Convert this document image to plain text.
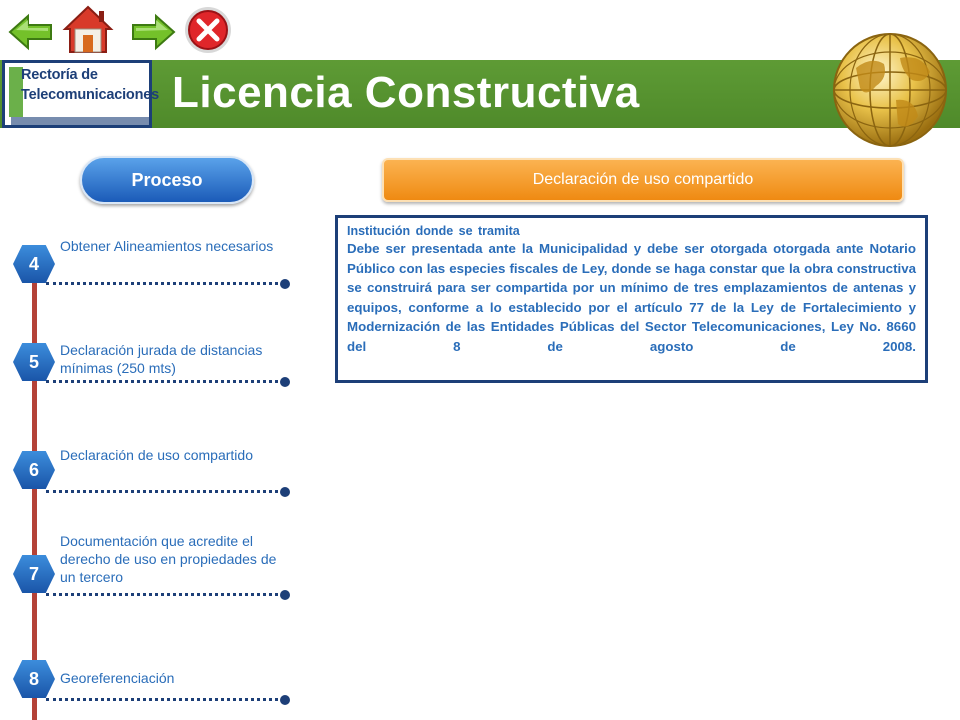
Rectoría de
Telecomunicaciones Licencia Constructiva
Proceso	Declaración de uso compartido
Institución donde se tramita
Debe ser presentada ante la Municipalidad y debe ser otorgada otorgada ante Notario Público con las especies fiscales de Ley, donde se haga constar que la obra constructiva se construirá para ser compartida por un mínimo de tres emplazamientos de antenas y equipos, conforme a lo establecido por el artículo 77 de la Ley de Fortalecimiento y Modernización de las Entidades Públicas del Sector Telecomunicaciones, Ley No. 8660 del 8 de agosto de 2008.
4
Obtener Alineamientos necesarios
5
Declaración jurada de distancias mínimas (250 mts)
6
Declaración de uso compartido
7
Documentación que acredite el derecho de uso en propiedades de un tercero
8	Georeferenciación
